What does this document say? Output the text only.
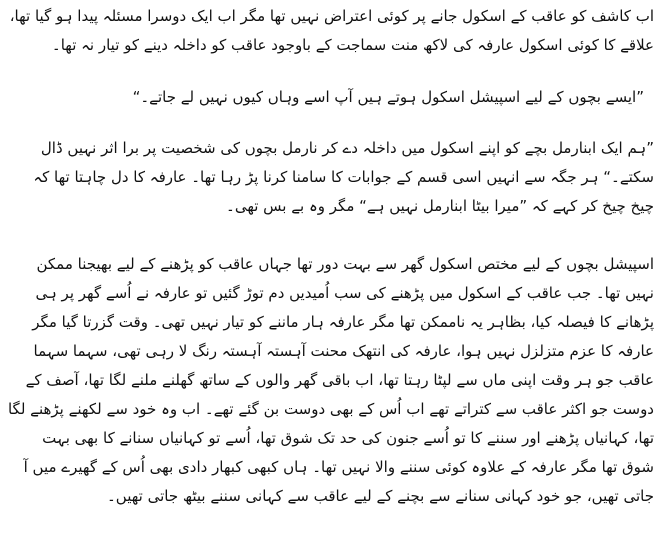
اب کاشف کو عاقب کے اسکول جانے پر کوئی اعتراض نہیں تھا مگر اب ایک دوسرا مسئلہ پیدا ہو گیا تھا، علاقے کا کوئی اسکول عارفہ کی لاکھ منت سماجت کے باوجود عاقب کو داخلہ دینے کو تیار نہ تھا۔

”ایسے بچوں کے لیے اسپیشل اسکول ہوتے ہیں آپ اسے وہاں کیوں نہیں لے جاتے۔“

”ہم ایک ابنارمل بچے کو اپنے اسکول میں داخلہ دے کر نارمل بچوں کی شخصیت پر برا اثر نہیں ڈال سکتے۔“ ہر جگہ سے انہیں اسی قسم کے جوابات کا سامنا کرنا پڑ رہا تھا۔ عارفہ کا دل چاہتا تھا کہ چیخ چیخ کر کہے کہ ”میرا بیٹا ابنارمل نہیں ہے“ مگر وہ بے بس تھی۔

اسپیشل بچوں کے لیے مختص اسکول گھر سے بہت دور تھا جہاں عاقب کو پڑھنے کے لیے بھیجنا ممکن نہیں تھا۔ جب عاقب کے اسکول میں پڑھنے کی سب اُمیدیں دم توڑ گئیں تو عارفہ نے اُسے گھر پر ہی پڑھانے کا فیصلہ کیا، بظاہر یہ ناممکن تھا مگر عارفہ ہار ماننے کو تیار نہیں تھی۔ وقت گزرتا گیا مگر عارفہ کا عزم متزلزل نہیں ہوا، عارفہ کی انتھک محنت آہستہ آہستہ رنگ لا رہی تھی، سہما سہما عاقب جو ہر وقت اپنی ماں سے لپٹا رہتا تھا، اب باقی گھر والوں کے ساتھ گھلنے ملنے لگا تھا، آصف کے دوست جو اکثر عاقب سے کتراتے تھے اب اُس کے بھی دوست بن گئے تھے۔ اب وہ خود سے لکھنے پڑھنے لگا تھا، کہانیاں پڑھنے اور سننے کا تو اُسے جنون کی حد تک شوق تھا، اُسے تو کہانیاں سنانے کا بھی بہت شوق تھا مگر عارفہ کے علاوہ کوئی سننے والا نہیں تھا۔ ہاں کبھی کبھار دادی بھی اُس کے گھیرے میں آ جاتی تھیں، جو خود کہانی سنانے سے بچنے کے لیے عاقب سے کہانی سننے بیٹھ جاتی تھیں۔
